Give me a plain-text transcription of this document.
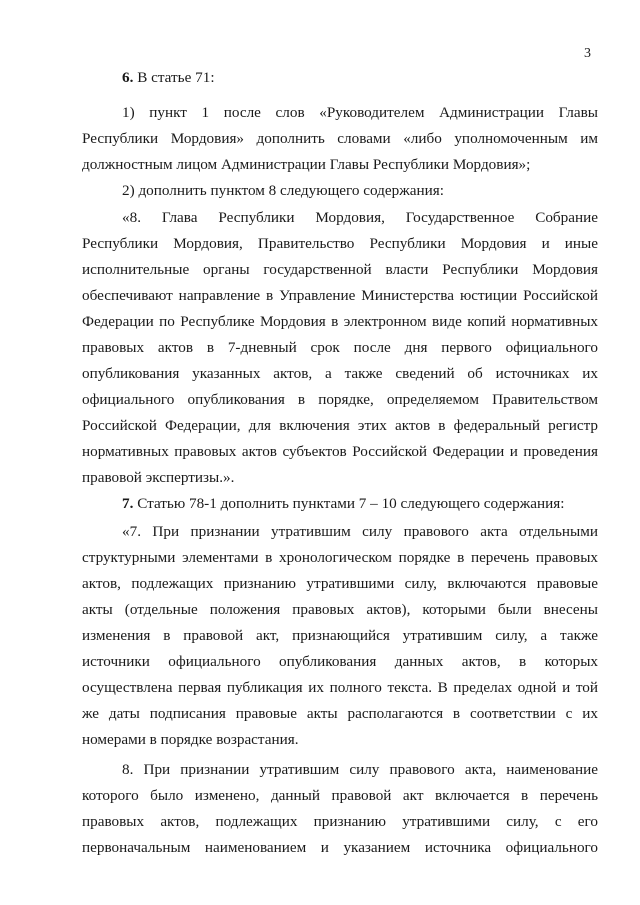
3
6. В статье 71:
1) пункт 1 после слов «Руководителем Администрации Главы
Республики Мордовия» дополнить словами «либо уполномоченным им
должностным лицом Администрации Главы Республики Мордовия»;
2) дополнить пунктом 8 следующего содержания:
«8. Глава Республики Мордовия, Государственное Собрание
Республики Мордовия, Правительство Республики Мордовия и иные
исполнительные органы государственной власти Республики Мордовия
обеспечивают направление в Управление Министерства юстиции Российской
Федерации по Республике Мордовия в электронном виде копий нормативных
правовых актов в 7-дневный срок после дня первого официального
опубликования указанных актов, а также сведений об источниках их
официального опубликования в порядке, определяемом Правительством
Российской Федерации, для включения этих актов в федеральный регистр
нормативных правовых актов субъектов Российской Федерации и проведения
правовой экспертизы.».
7. Статью 78-1 дополнить пунктами 7 – 10 следующего содержания:
«7. При признании утратившим силу правового акта отдельными
структурными элементами в хронологическом порядке в перечень правовых
актов, подлежащих признанию утратившими силу, включаются правовые
акты (отдельные положения правовых актов), которыми были внесены
изменения в правовой акт, признающийся утратившим силу, а также
источники официального опубликования данных актов, в которых
осуществлена первая публикация их полного текста. В пределах одной и той
же даты подписания правовые акты располагаются в соответствии с их
номерами в порядке возрастания.
8. При признании утратившим силу правового акта, наименование
которого было изменено, данный правовой акт включается в перечень
правовых актов, подлежащих признанию утратившими силу, с его
первоначальным наименованием и указанием источника официального
